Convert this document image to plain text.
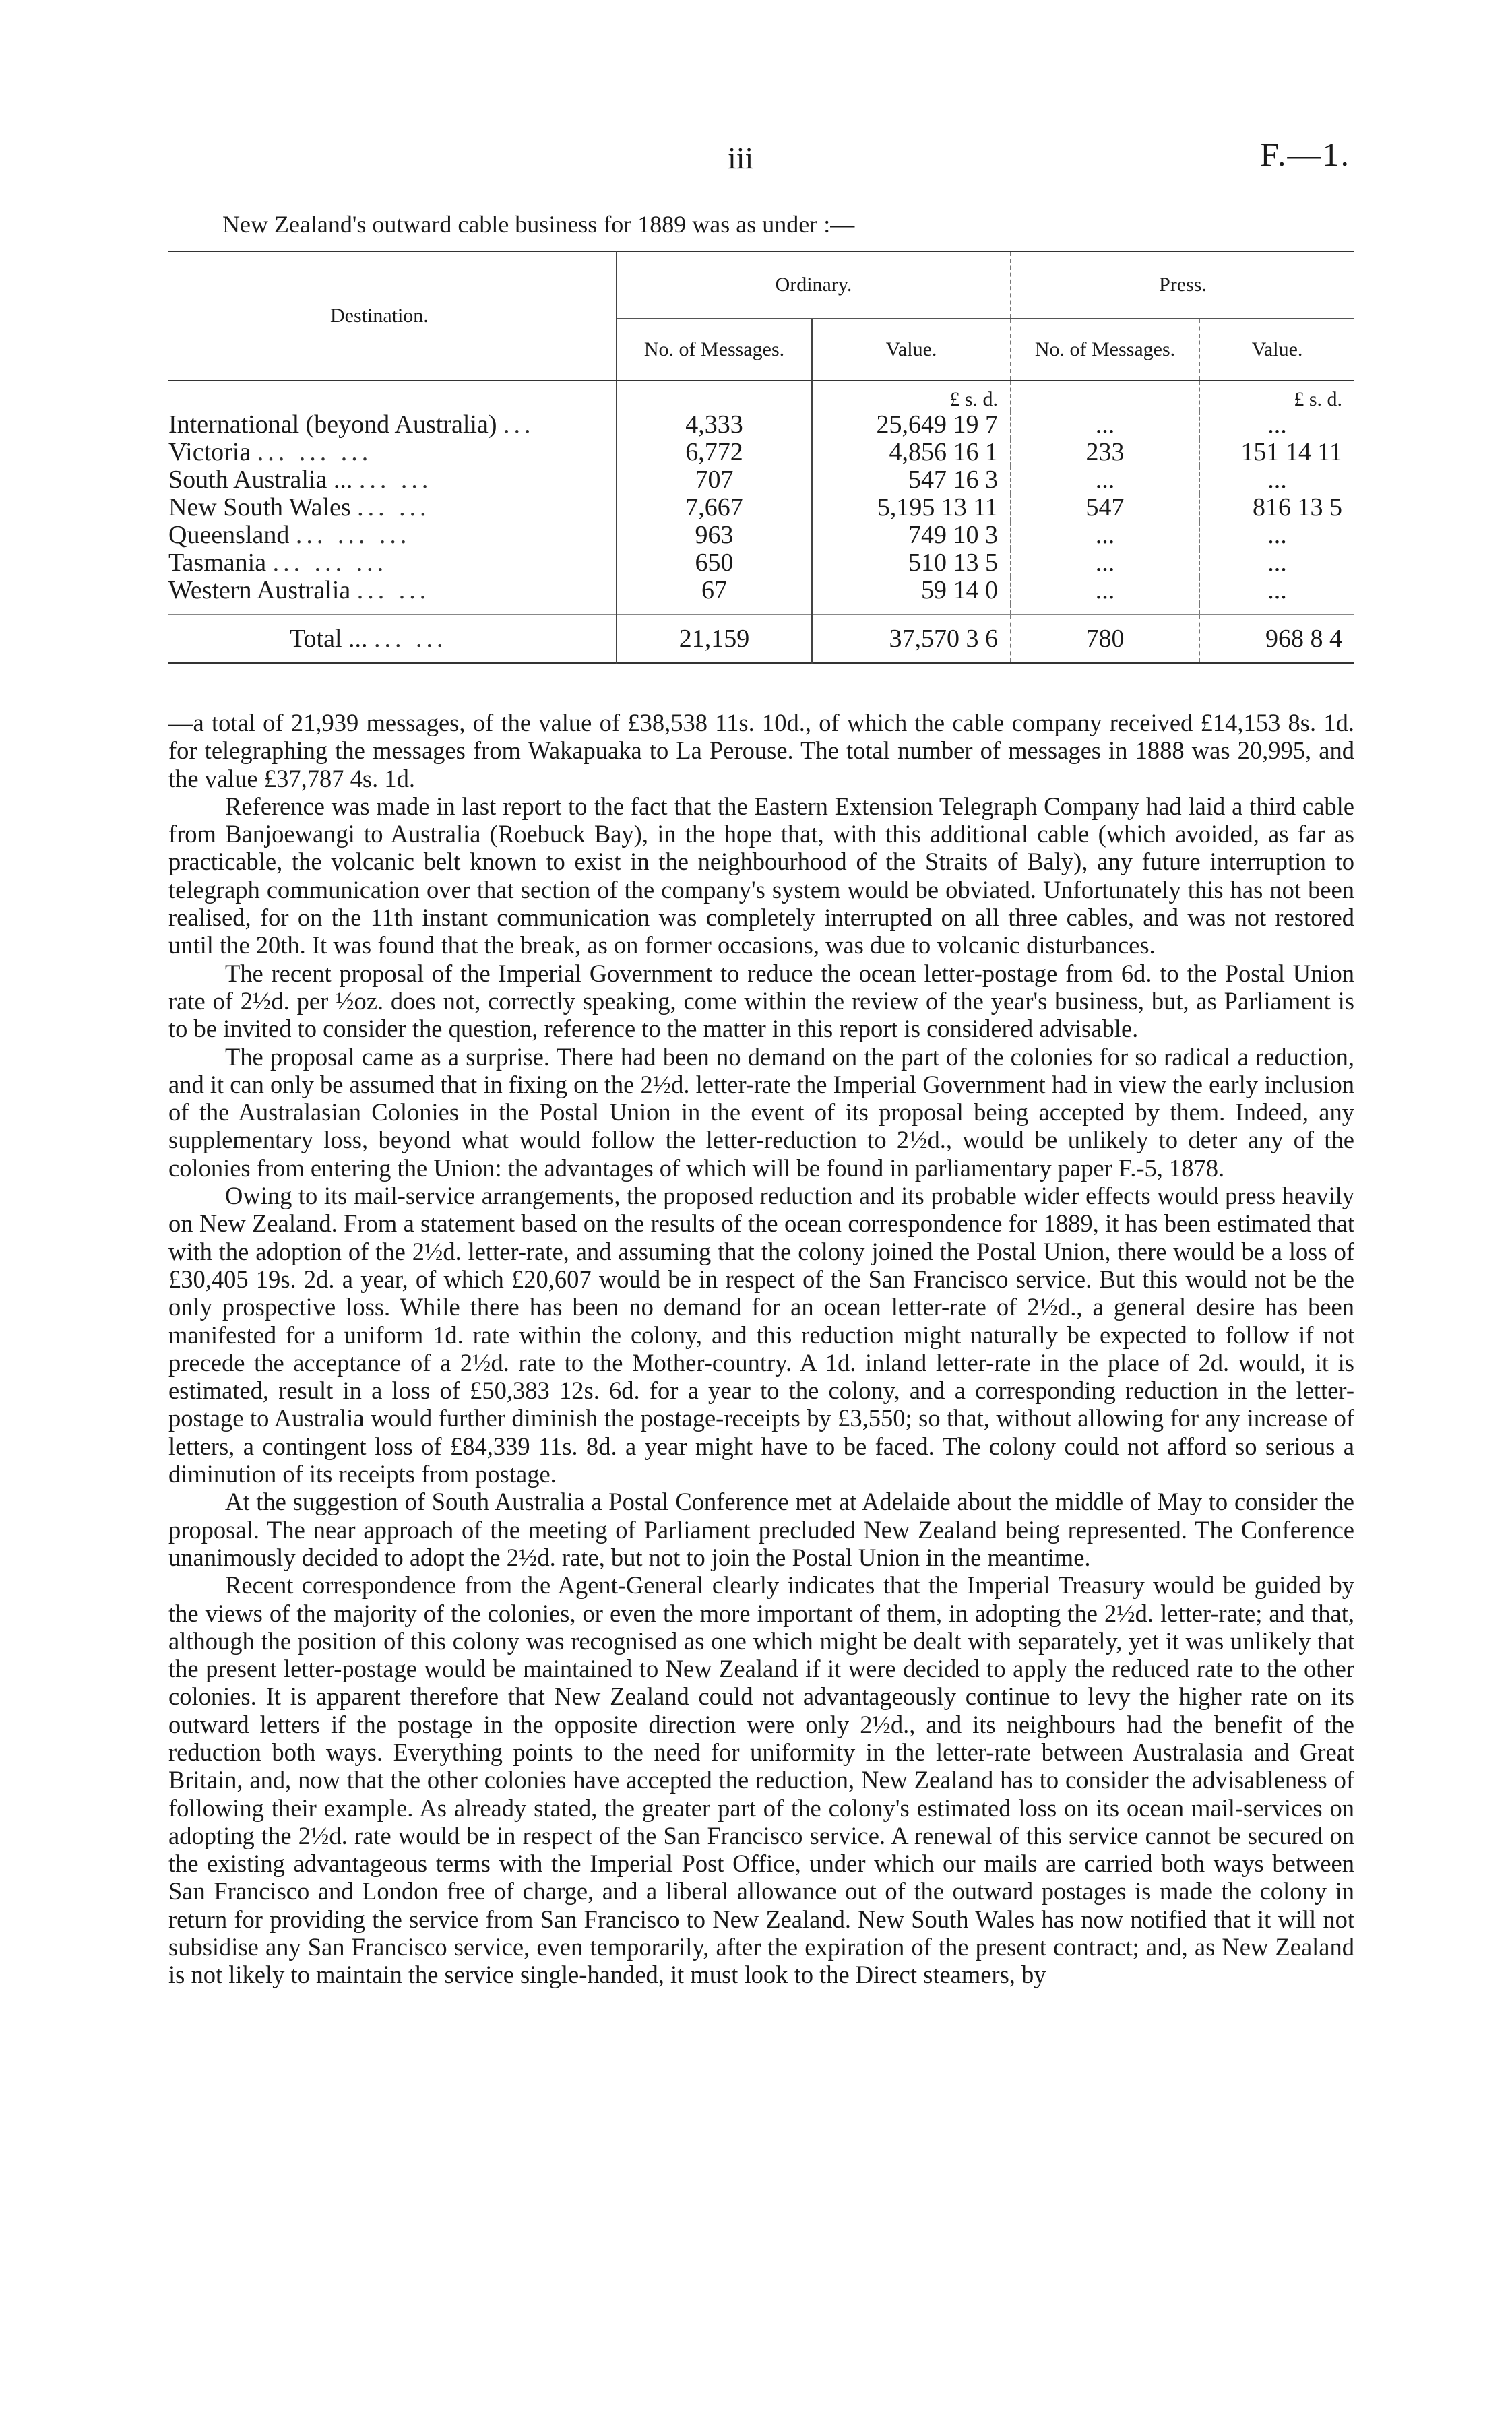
iii	F.—1.
New Zealand's outward cable business for 1889 was as under :—
Destination.	Ordinary.		Press.	
	No. of Messages.	Value.	No. of Messages.	Value.
		£ s. d.		£ s. d.
International (beyond Australia) ...	4,333	25,649 19 7	...	...
Victoria ... ... ...	6,772	4,856 16 1	233	151 14 11
South Australia ... ... ...	707	547 16 3	...	...
New South Wales ... ...	7,667	5,195 13 11	547	816 13 5
Queensland ... ... ...	963	749 10 3	...	...
Tasmania ... ... ...	650	510 13 5	...	...
Western Australia ... ...	67	59 14 0	...	...

Total ... ... ...	21,159	37,570 3 6	780	968 8 4

—a total of 21,939 messages, of the value of £38,538 11s. 10d., of which the cable company received £14,153 8s. 1d. for telegraphing the messages from Wakapuaka to La Perouse. The total number of messages in 1888 was 20,995, and the value £37,787 4s. 1d.

Reference was made in last report to the fact that the Eastern Extension Telegraph Company had laid a third cable from Banjoewangi to Australia (Roebuck Bay), in the hope that, with this additional cable (which avoided, as far as practicable, the volcanic belt known to exist in the neighbourhood of the Straits of Baly), any future interruption to telegraph communication over that section of the company's system would be obviated. Unfortunately this has not been realised, for on the 11th instant communication was completely interrupted on all three cables, and was not restored until the 20th. It was found that the break, as on former occasions, was due to volcanic disturbances.

The recent proposal of the Imperial Government to reduce the ocean letter-postage from 6d. to the Postal Union rate of 2½d. per ½oz. does not, correctly speaking, come within the review of the year's business, but, as Parliament is to be invited to consider the question, reference to the matter in this report is considered advisable.

The proposal came as a surprise. There had been no demand on the part of the colonies for so radical a reduction, and it can only be assumed that in fixing on the 2½d. letter-rate the Imperial Government had in view the early inclusion of the Australasian Colonies in the Postal Union in the event of its proposal being accepted by them. Indeed, any supplementary loss, beyond what would follow the letter-reduction to 2½d., would be unlikely to deter any of the colonies from entering the Union: the advantages of which will be found in parliamentary paper F.-5, 1878.

Owing to its mail-service arrangements, the proposed reduction and its probable wider effects would press heavily on New Zealand. From a statement based on the results of the ocean correspondence for 1889, it has been estimated that with the adoption of the 2½d. letter-rate, and assuming that the colony joined the Postal Union, there would be a loss of £30,405 19s. 2d. a year, of which £20,607 would be in respect of the San Francisco service. But this would not be the only prospective loss. While there has been no demand for an ocean letter-rate of 2½d., a general desire has been manifested for a uniform 1d. rate within the colony, and this reduction might naturally be expected to follow if not precede the acceptance of a 2½d. rate to the Mother-country. A 1d. inland letter-rate in the place of 2d. would, it is estimated, result in a loss of £50,383 12s. 6d. for a year to the colony, and a corresponding reduction in the letter-postage to Australia would further diminish the postage-receipts by £3,550; so that, without allowing for any increase of letters, a contingent loss of £84,339 11s. 8d. a year might have to be faced. The colony could not afford so serious a diminution of its receipts from postage.

At the suggestion of South Australia a Postal Conference met at Adelaide about the middle of May to consider the proposal. The near approach of the meeting of Parliament precluded New Zealand being represented. The Conference unanimously decided to adopt the 2½d. rate, but not to join the Postal Union in the meantime.

Recent correspondence from the Agent-General clearly indicates that the Imperial Treasury would be guided by the views of the majority of the colonies, or even the more important of them, in adopting the 2½d. letter-rate; and that, although the position of this colony was recognised as one which might be dealt with separately, yet it was unlikely that the present letter-postage would be maintained to New Zealand if it were decided to apply the reduced rate to the other colonies. It is apparent therefore that New Zealand could not advantageously continue to levy the higher rate on its outward letters if the postage in the opposite direction were only 2½d., and its neighbours had the benefit of the reduction both ways. Everything points to the need for uniformity in the letter-rate between Australasia and Great Britain, and, now that the other colonies have accepted the reduction, New Zealand has to consider the advisableness of following their example. As already stated, the greater part of the colony's estimated loss on its ocean mail-services on adopting the 2½d. rate would be in respect of the San Francisco service. A renewal of this service cannot be secured on the existing advantageous terms with the Imperial Post Office, under which our mails are carried both ways between San Francisco and London free of charge, and a liberal allowance out of the outward postages is made the colony in return for providing the service from San Francisco to New Zealand. New South Wales has now notified that it will not subsidise any San Francisco service, even temporarily, after the expiration of the present contract; and, as New Zealand is not likely to maintain the service single-handed, it must look to the Direct steamers, by
